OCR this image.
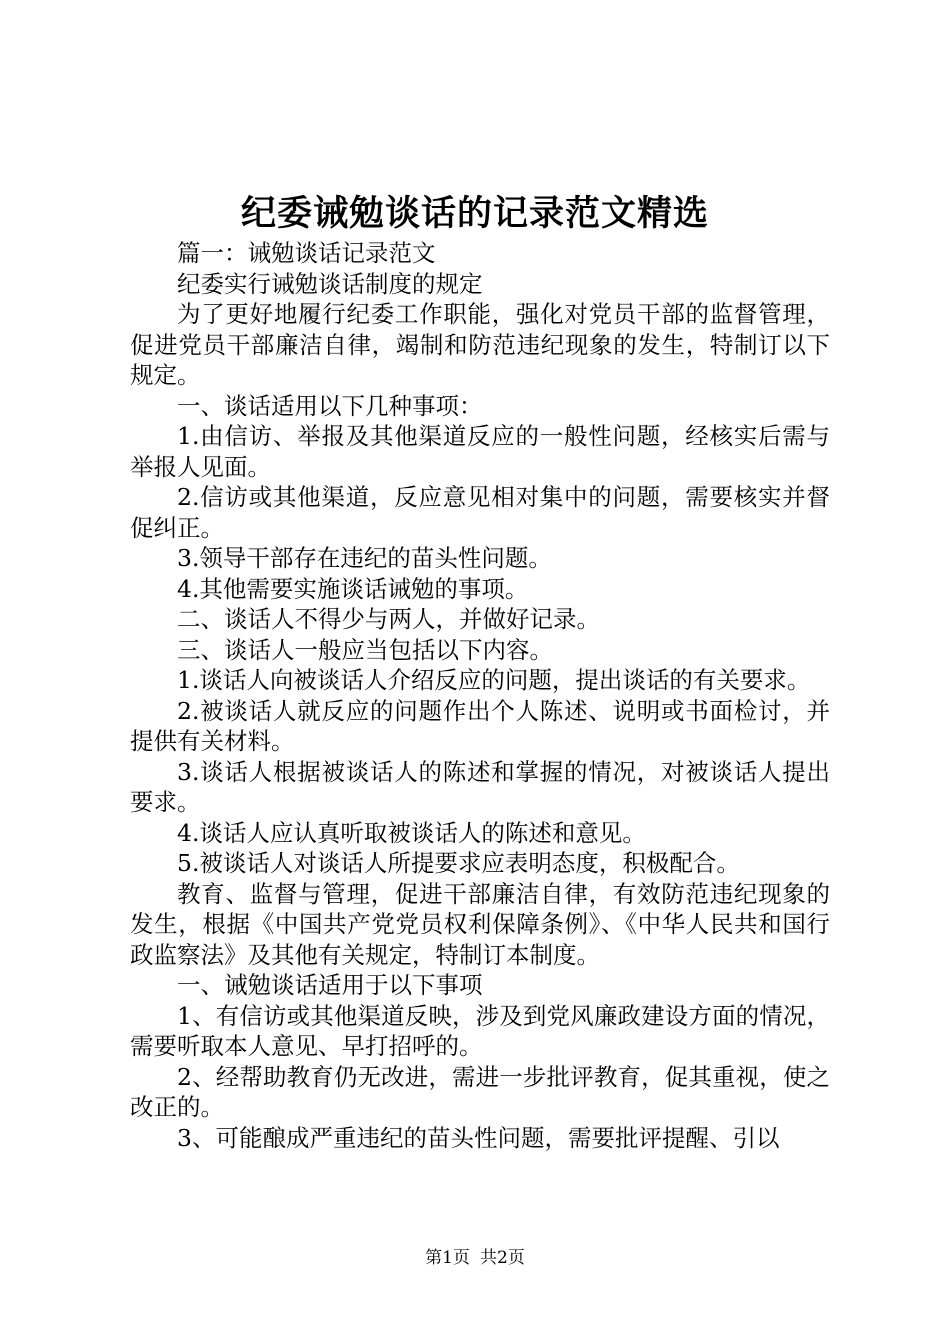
纪委诫勉谈话的记录范文精选

篇一：诫勉谈话记录范文

纪委实行诫勉谈话制度的规定

为了更好地履行纪委工作职能，强化对党员干部的监督管理，促进党员干部廉洁自律，竭制和防范违纪现象的发生，特制订以下规定。

一、谈话适用以下几种事项：

1.由信访、举报及其他渠道反应的一般性问题，经核实后需与举报人见面。

2.信访或其他渠道，反应意见相对集中的问题，需要核实并督促纠正。

3.领导干部存在违纪的苗头性问题。

4.其他需要实施谈话诫勉的事项。

二、谈话人不得少与两人，并做好记录。

三、谈话人一般应当包括以下内容。

1.谈话人向被谈话人介绍反应的问题，提出谈话的有关要求。

2.被谈话人就反应的问题作出个人陈述、说明或书面检讨，并提供有关材料。

3.谈话人根据被谈话人的陈述和掌握的情况，对被谈话人提出要求。

4.谈话人应认真听取被谈话人的陈述和意见。

5.被谈话人对谈话人所提要求应表明态度，积极配合。

教育、监督与管理，促进干部廉洁自律，有效防范违纪现象的发生，根据《中国共产党党员权利保障条例》、《中华人民共和国行政监察法》及其他有关规定，特制订本制度。

一、诫勉谈话适用于以下事项

1、有信访或其他渠道反映，涉及到党风廉政建设方面的情况，需要听取本人意见、早打招呼的。

2、经帮助教育仍无改进，需进一步批评教育，促其重视，使之改正的。

3、可能酿成严重违纪的苗头性问题，需要批评提醒、引以

第1页 共2页
